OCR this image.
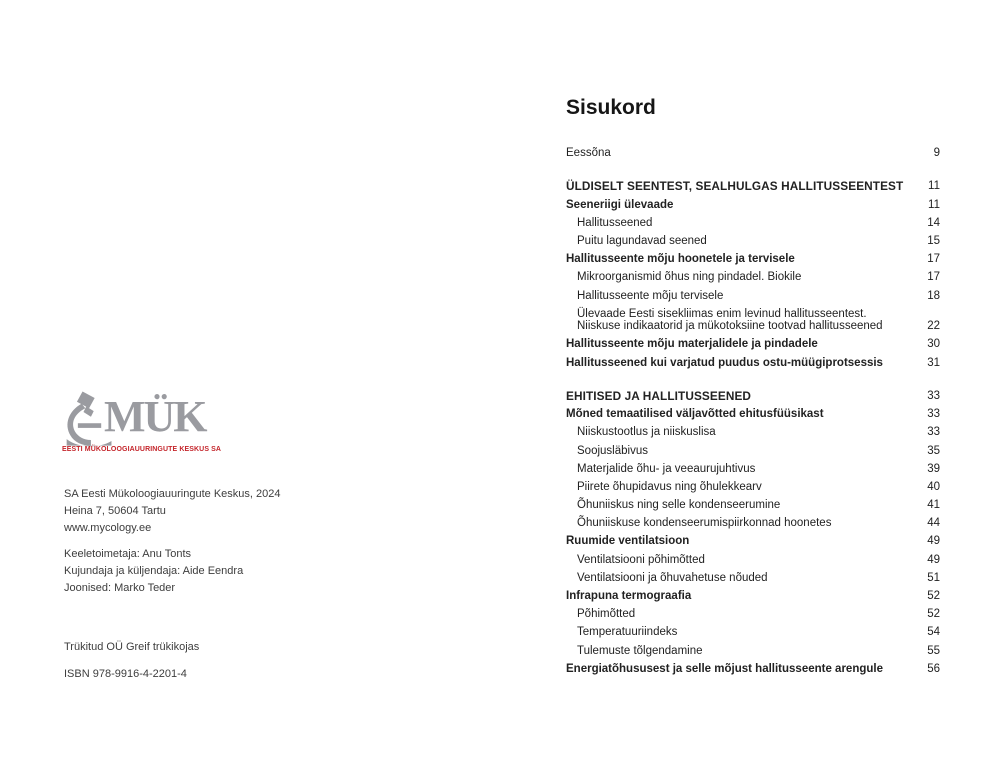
MÜK
EESTI MÜKOLOOGIAUURINGUTE KESKUS SA
SA Eesti Mükoloogiauuringute Keskus, 2024
Heina 7, 50604 Tartu
www.mycology.ee
Keeletoimetaja: Anu Tonts
Kujundaja ja küljendaja: Aide Eendra
Joonised: Marko Teder
Trükitud OÜ Greif trükikojas
ISBN 978-9916-4-2201-4
Sisukord
Eessõna	9
ÜLDISELT SEENTEST, SEALHULGAS HALLITUSSEENTEST 11
Seeneriigi ülevaade	11
Hallitusseened	14
Puitu lagundavad seened	15
Hallitusseente mõju hoonetele ja tervisele	17
Mikroorganismid õhus ning pindadel. Biokile	17
Hallitusseente mõju tervisele	18
Ülevaade Eesti sisekliimas enim levinud hallitusseentest.
Niiskuse indikaatorid ja mükotoksiine tootvad hallitusseened	22
Hallitusseente mõju materjalidele ja pindadele	30
Hallitusseened kui varjatud puudus ostu-müügiprotsessis	31
EHITISED JA HALLITUSSEENED	33
Mõned temaatilised väljavõtted ehitusfüüsikast	33
Niiskustootlus ja niiskuslisa	33
Soojusläbivus	35
Materjalide õhu- ja veeaurujuhtivus	39
Piirete õhupidavus ning õhulekkearv	40
Õhuniiskus ning selle kondenseerumine	41
Õhuniiskuse kondenseerumispiirkonnad hoonetes	44
Ruumide ventilatsioon	49
Ventilatsiooni põhimõtted	49
Ventilatsiooni ja õhuvahetuse nõuded	51
Infrapuna termograafia	52
Põhimõtted	52
Temperatuuriindeks	54
Tulemuste tõlgendamine	55
Energiatõhususest ja selle mõjust hallitusseente arengule	56
